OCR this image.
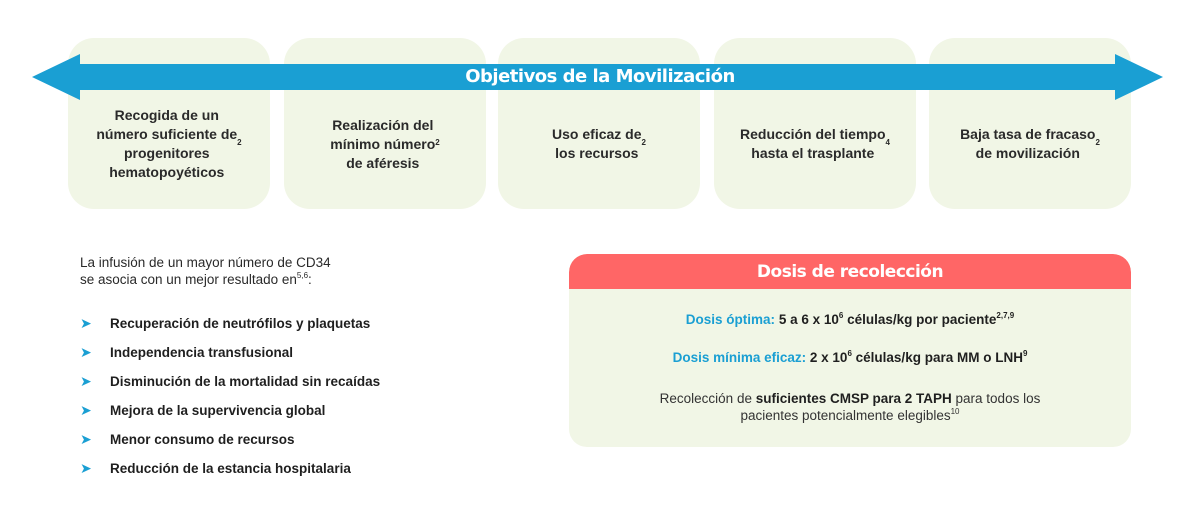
Recogida de un
número suficiente de
progenitores
hematopoyéticos
$^2$
Realización del
mínimo número
de aféresis
$^2$
Uso eficaz de
los recursos
$^2$
Reducción del tiempo
hasta el trasplante
$^4$
Baja tasa de fracaso
de movilización
$^2$
Objetivos de la Movilización
La infusión de un mayor número de CD34
se asocia con un mejor resultado en$^{5,6}$:
➤	Recuperación de neutrófilos y plaquetas
➤	Independencia transfusional
➤	Disminución de la mortalidad sin recaídas
➤	Mejora de la supervivencia global
➤	Menor consumo de recursos
➤	Reducción de la estancia hospitalaria
Dosis de recolección
Dosis óptima: 5 a 6 x $10^6$ células/kg por paciente$^{2,7,9}$
Dosis mínima eficaz: 2 x $10^6$ células/kg para MM o LNH$^9$
Recolección de suficientes CMSP para 2 TAPH para todos los
pacientes potencialmente elegibles$^{10}$
